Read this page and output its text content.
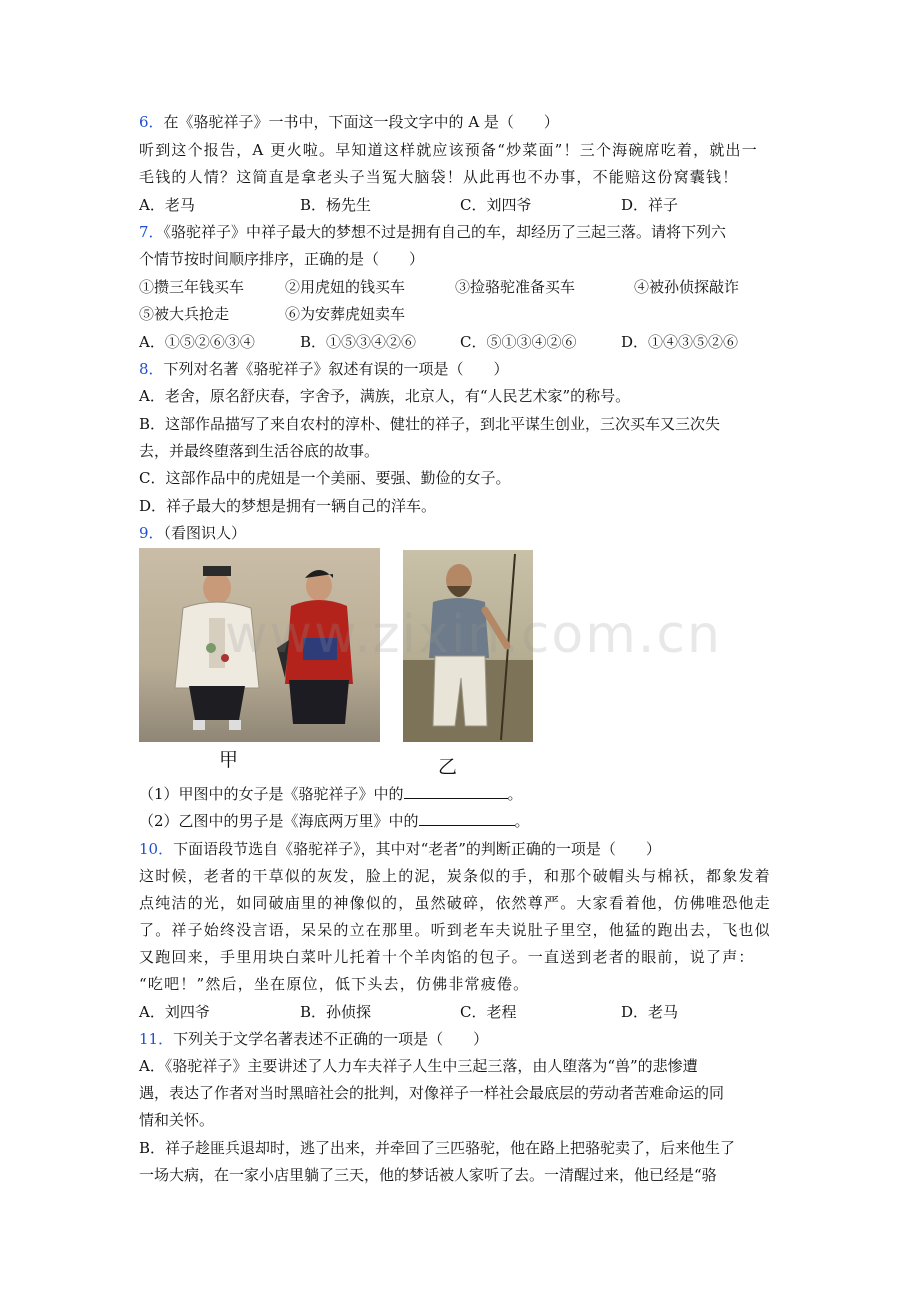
6．在《骆驼祥子》一书中，下面这一段文字中的 A 是（　　）
听到这个报告，A 更火啦。早知道这样就应该预备“炒菜面”！三个海碗席吃着，就出一
毛钱的人情？这简直是拿老头子当冤大脑袋！从此再也不办事，不能赔这份窝囊钱！
A．老马	B．杨先生	C．刘四爷	D．祥子
7．《骆驼祥子》中祥子最大的梦想不过是拥有自己的车，却经历了三起三落。请将下列六
个情节按时间顺序排序，正确的是（　　）
①攒三年钱买车	②用虎妞的钱买车	③捡骆驼准备买车	④被孙侦探敲诈
⑤被大兵抢走	⑥为安葬虎妞卖车
A．①⑤②⑥③④	B．①⑤③④②⑥	C．⑤①③④②⑥	D．①④③⑤②⑥
8．下列对名著《骆驼祥子》叙述有误的一项是（　　）
A．老舍，原名舒庆春，字舍予，满族，北京人，有“人民艺术家”的称号。
B．这部作品描写了来自农村的淳朴、健壮的祥子，到北平谋生创业，三次买车又三次失
去，并最终堕落到生活谷底的故事。
C．这部作品中的虎妞是一个美丽、要强、勤俭的女子。
D．祥子最大的梦想是拥有一辆自己的洋车。
9．（看图识人）
www.zixin.com.cn
甲	乙
（1）甲图中的女子是《骆驼祥子》中的	。
（2）乙图中的男子是《海底两万里》中的	。
10．下面语段节选自《骆驼祥子》，其中对“老者”的判断正确的一项是（　　）
这时候，老者的干草似的灰发，脸上的泥，炭条似的手，和那个破帽头与棉袄，都象发着
点纯洁的光，如同破庙里的神像似的，虽然破碎，依然尊严。大家看着他，仿佛唯恐他走
了。祥子始终没言语，呆呆的立在那里。听到老车夫说肚子里空，他猛的跑出去，飞也似
又跑回来，手里用块白菜叶儿托着十个羊肉馅的包子。一直送到老者的眼前，说了声：
“吃吧！”然后，坐在原位，低下头去，仿佛非常疲倦。
A．刘四爷	B．孙侦探	C．老程	D．老马
11．下列关于文学名著表述不正确的一项是（　　）
A．《骆驼祥子》主要讲述了人力车夫祥子人生中三起三落，由人堕落为“兽”的悲惨遭
遇，表达了作者对当时黑暗社会的批判，对像祥子一样社会最底层的劳动者苦难命运的同
情和关怀。
B．祥子趁匪兵退却时，逃了出来，并牵回了三匹骆驼，他在路上把骆驼卖了，后来他生了
一场大病，在一家小店里躺了三天，他的梦话被人家听了去。一清醒过来，他已经是“骆
